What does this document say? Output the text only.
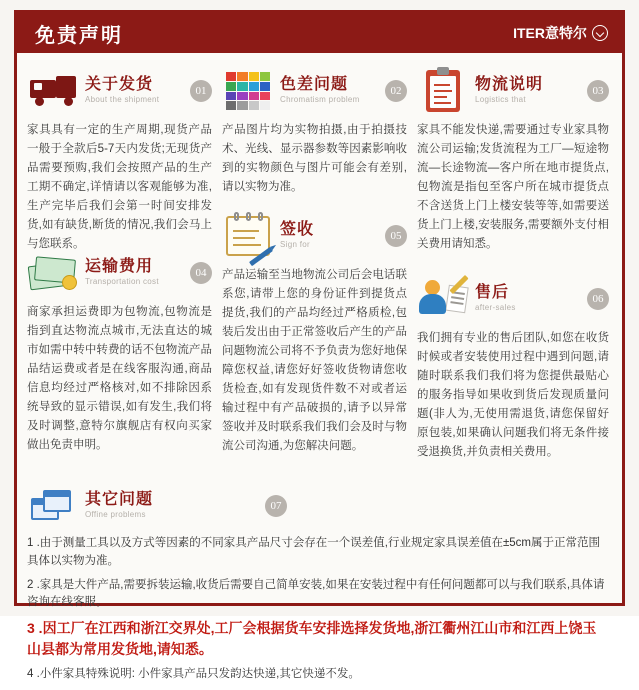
免责声明	ITER意特尔
关于发货
About the shipment
01
家具具有一定的生产周期,现货产品一般于全款后5-7天内发货;无现货产品需要预购,我们会按照产品的生产工期不确定,详情请以客观能够为准,生产完毕后我们会第一时间安排发货,如有缺货,断货的情况,我们会马上与您联系。
色差问题
Chromatism problem
02
产品图片均为实物拍摄,由于拍摄技术、光线、显示器参数等因素影响收到的实物颜色与图片可能会有差别,请以实物为准。
物流说明
Logistics that
03
家具不能发快递,需要通过专业家具物流公司运输;发货流程为工厂—短途物流—长途物流—客户所在地市提货点,包物流是指包至客户所在城市提货点不含送货上门上楼安装等等,如需要送货上门上楼,安装服务,需要额外支付相关费用请知悉。
运输费用
Transportation cost
04
商家承担运费即为包物流,包物流是指到直达物流点城市,无法直达的城市如需中转中转费的话不包物流产品品结运费或者是在线客服沟通,商品信息均经过严格核对,如不排除因系统导致的显示错误,如有发生,我们将及时调整,意特尔旗舰店有权向买家做出免责申明。
签收
Sign for
05
产品运输至当地物流公司后会电话联系您,请带上您的身份证件到提货点提货,我们的产品均经过严格质检,包装后发出由于正常签收后产生的产品问题物流公司将不予负责为您好地保障您权益,请您好好签收货物请您收货检查,如有发现货件数不对或者运输过程中有产品破损的,请予以异常签收并及时联系我们我们会及时与物流公司沟通,为您解决问题。
售后
after-sales
06
我们拥有专业的售后团队,如您在收货时候或者安装使用过程中遇到问题,请随时联系我们我们将为您提供最贴心的服务指导如果收到货后发现质量问题(非人为,无使用需退货,请您保留好原包装,如果确认问题我们将无条件接受退换货,并负责相关费用。
其它问题
Offine problems
07
1 .由于测量工具以及方式等因素的不同家具产品尺寸会存在一个误差值,行业规定家具误差值在±5cm属于正常范围具体以实物为准。
2 .家具是大件产品,需要拆装运输,收货后需要自己简单安装,如果在安装过程中有任何问题都可以与我们联系,具体请咨询在线客服。
3 .因工厂在江西和浙江交界处,工厂会根据货车安排选择发货地,浙江衢州江山市和江西上饶玉山县都为常用发货地,请知悉。
4 .小件家具特殊说明: 小件家具产品只发韵达快递,其它快递不发。
